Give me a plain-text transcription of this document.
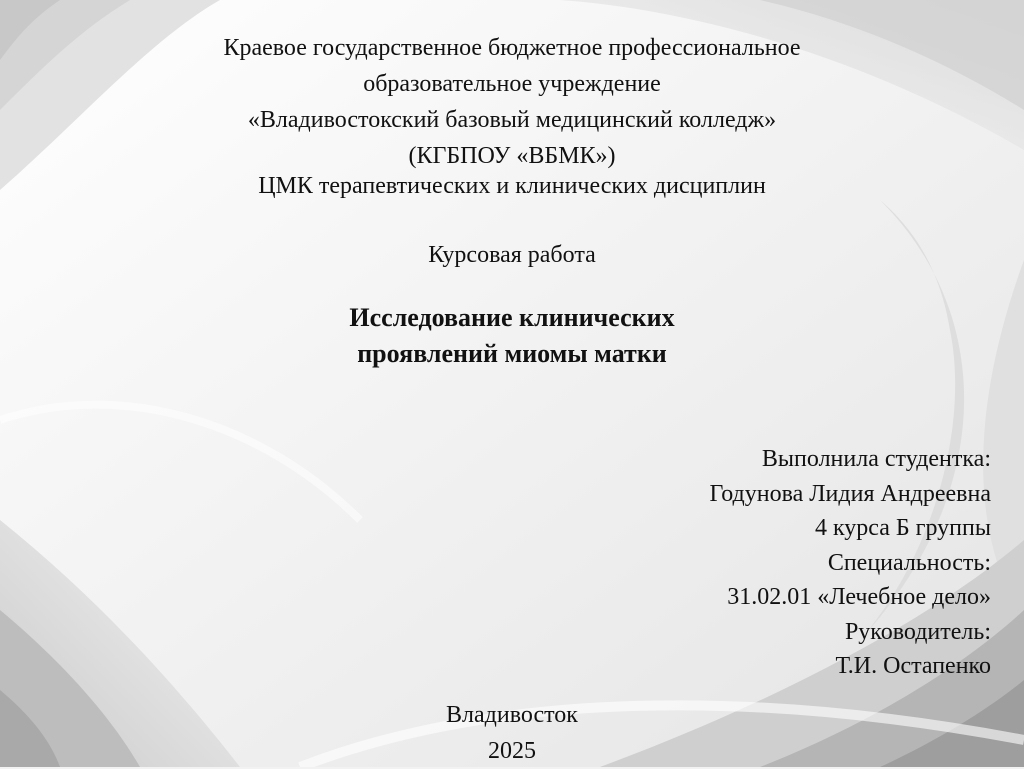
Краевое государственное бюджетное профессиональное
образовательное учреждение
«Владивостокский базовый медицинский колледж»
(КГБПОУ «ВБМК»)
ЦМК терапевтических и клинических дисциплин
Курсовая работа
Исследование клинических
проявлений миомы матки
Выполнила студентка:
Годунова Лидия Андреевна
4 курса Б группы
Специальность:
31.02.01 «Лечебное дело»
Руководитель:
Т.И. Остапенко
Владивосток
2025
